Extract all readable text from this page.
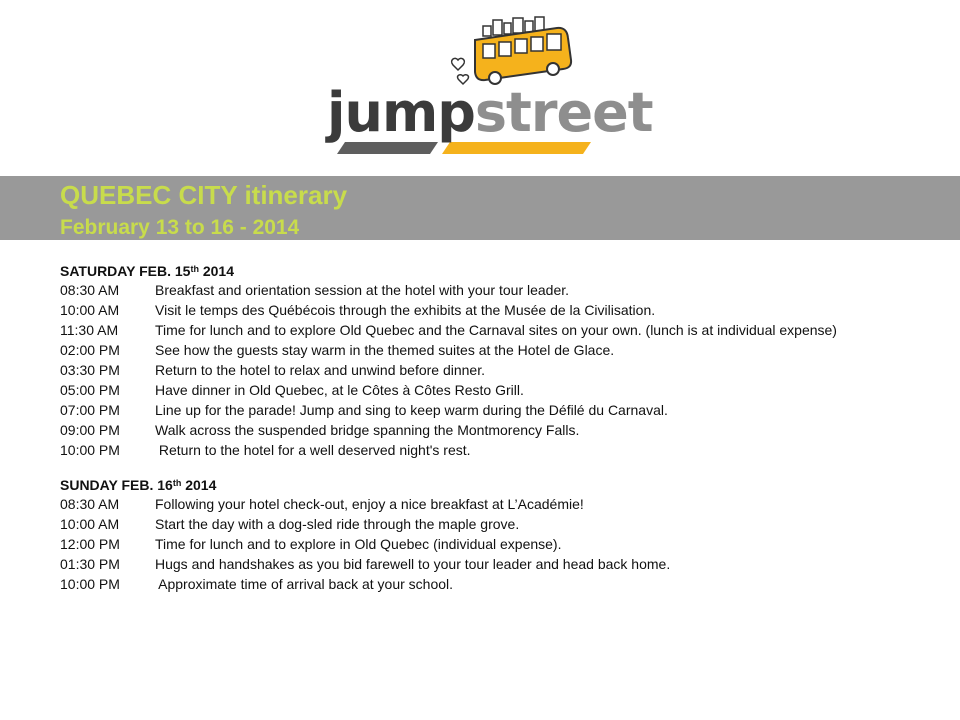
jumpstreet
QUEBEC CITY itinerary
February 13 to 16 - 2014
SATURDAY FEB. 15th 2014
08:30 AM	Breakfast and orientation session at the hotel with your tour leader.
10:00 AM	Visit le temps des Québécois through the exhibits at the Musée de la Civilisation.
11:30 AM	Time for lunch and to explore Old Quebec and the Carnaval sites on your own. (lunch is at individual expense)
02:00 PM	See how the guests stay warm in the themed suites at the Hotel de Glace.
03:30 PM	Return to the hotel to relax and unwind before dinner.
05:00 PM	Have dinner in Old Quebec, at le Côtes à Côtes Resto Grill.
07:00 PM	Line up for the parade! Jump and sing to keep warm during the Défilé du Carnaval.
09:00 PM	Walk across the suspended bridge spanning the Montmorency Falls.
10:00 PM	Return to the hotel for a well deserved night's rest.
SUNDAY FEB. 16th 2014
08:30 AM	Following your hotel check-out, enjoy a nice breakfast at L’Académie!
10:00 AM	Start the day with a dog-sled ride through the maple grove.
12:00 PM	Time for lunch and to explore in Old Quebec (individual expense).
01:30 PM	Hugs and handshakes as you bid farewell to your tour leader and head back home.
10:00 PM	Approximate time of arrival back at your school.
